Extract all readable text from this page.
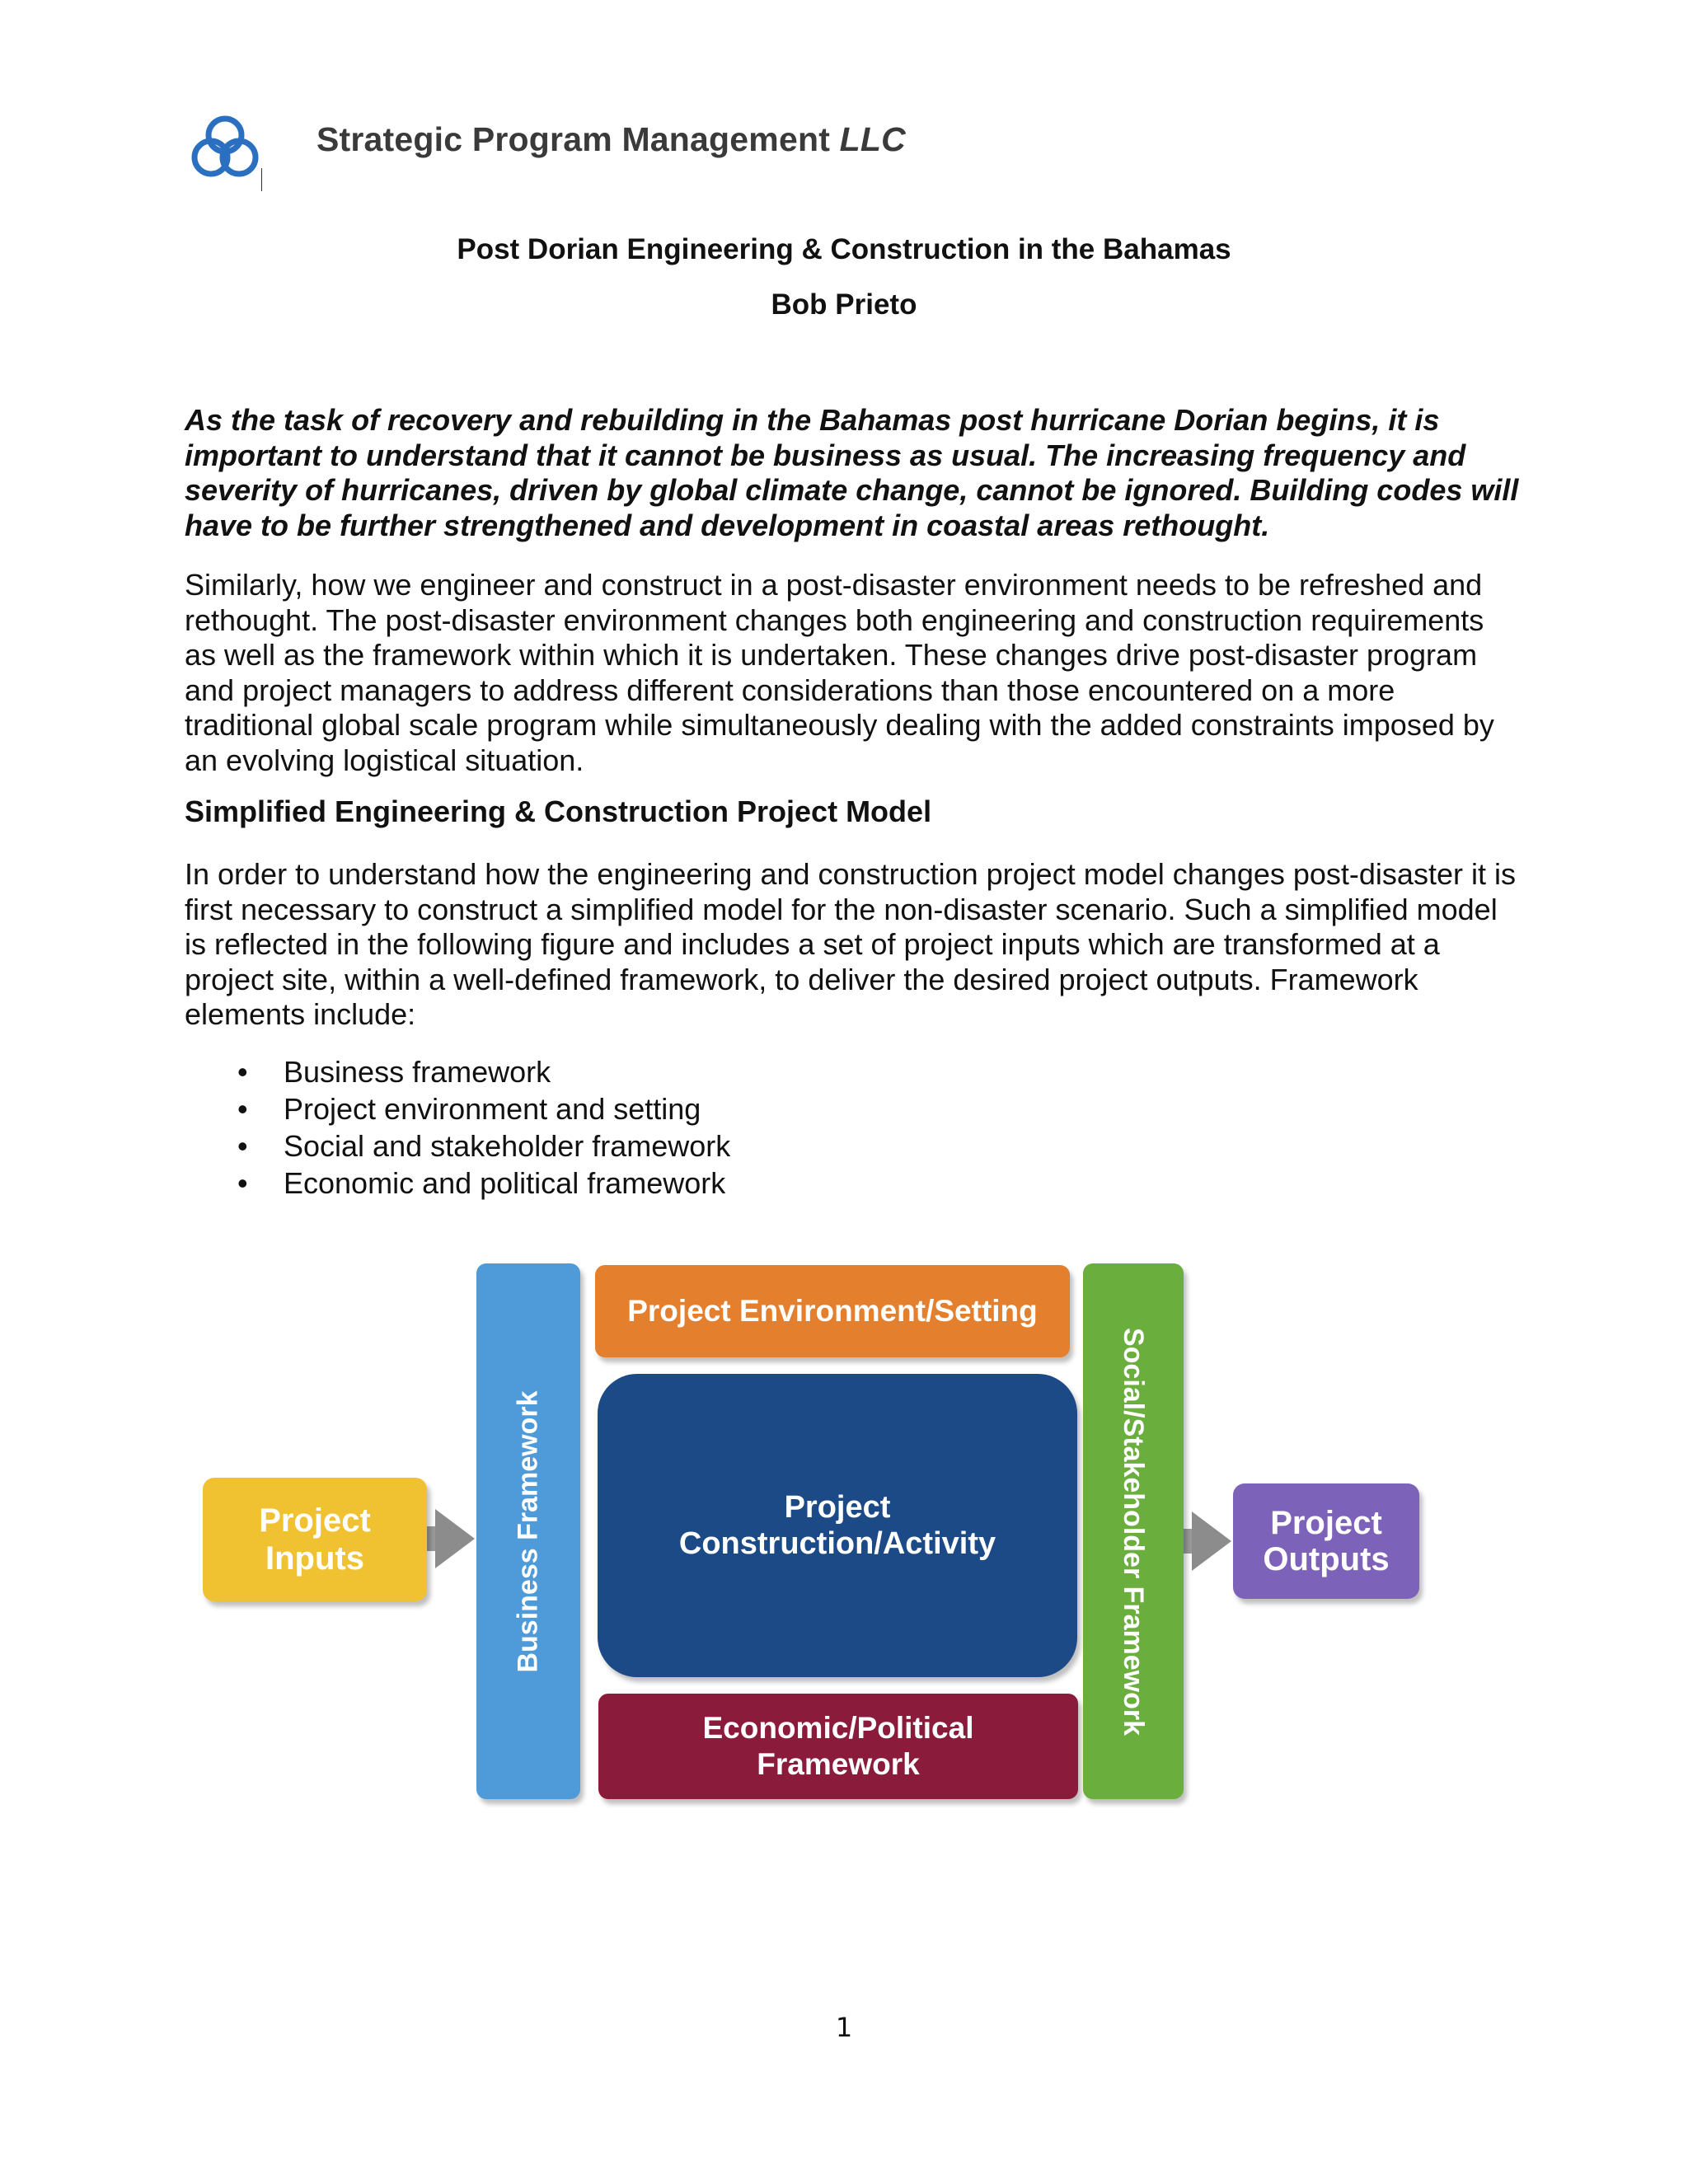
Strategic Program Management LLC
Post Dorian Engineering & Construction in the Bahamas
Bob Prieto
As the task of recovery and rebuilding in the Bahamas post hurricane Dorian begins, it is important to understand that it cannot be business as usual. The increasing frequency and severity of hurricanes, driven by global climate change, cannot be ignored. Building codes will have to be further strengthened and development in coastal areas rethought.
Similarly, how we engineer and construct in a post-disaster environment needs to be refreshed and rethought. The post-disaster environment changes both engineering and construction requirements as well as the framework within which it is undertaken. These changes drive post-disaster program and project managers to address different considerations than those encountered on a more traditional global scale program while simultaneously dealing with the added constraints imposed by an evolving logistical situation.
Simplified Engineering & Construction Project Model
In order to understand how the engineering and construction project model changes post-disaster it is first necessary to construct a simplified model for the non-disaster scenario. Such a simplified model is reflected in the following figure and includes a set of project inputs which are transformed at a project site, within a well-defined framework, to deliver the desired project outputs. Framework elements include:
• Business framework
• Project environment and setting
• Social and stakeholder framework
• Economic and political framework
Project
Inputs	Business Framework
Project Environment/Setting
Project
Construction/Activity
Economic/Political
Framework
Social/Stakeholder Framework	Project
Outputs
1
